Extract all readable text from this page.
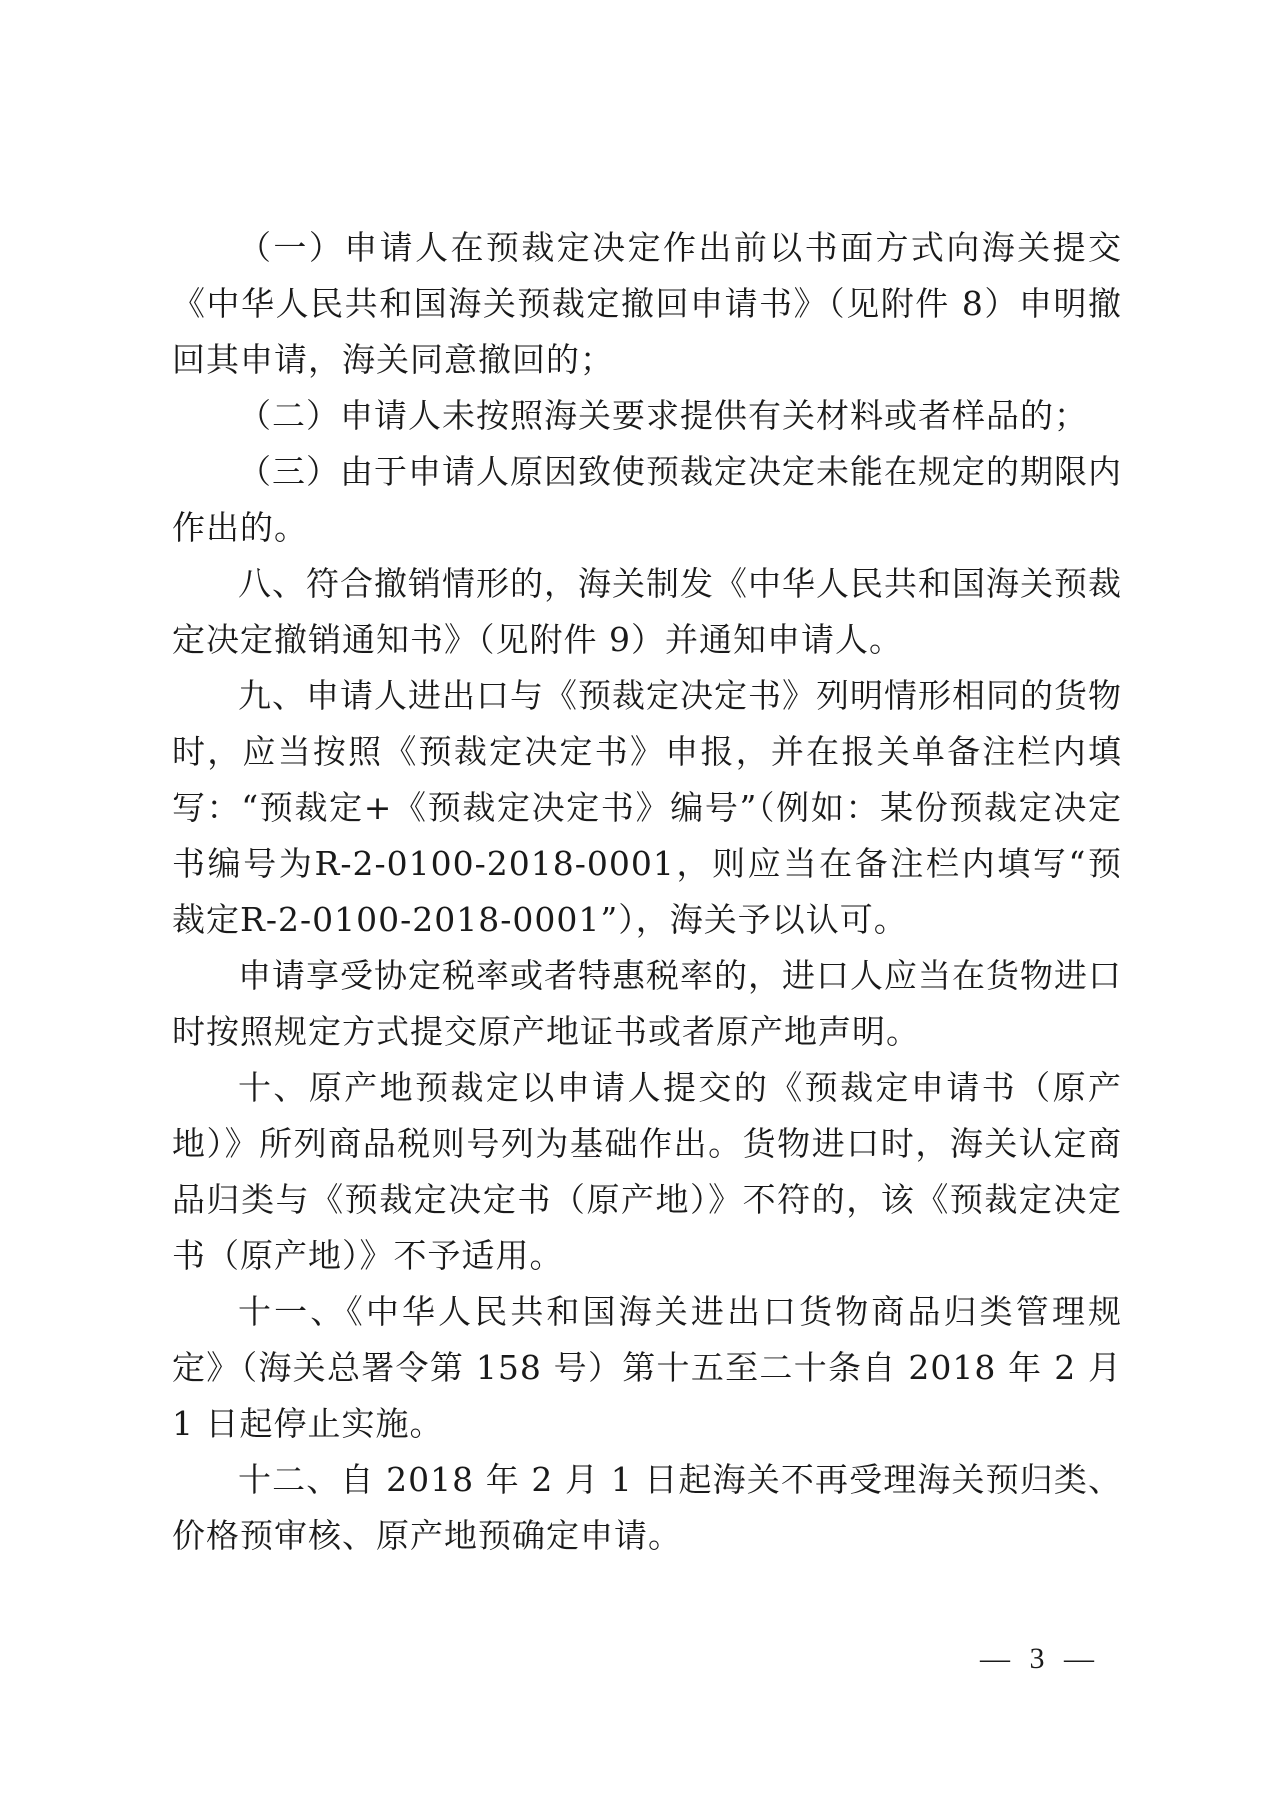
（一）申请人在预裁定决定作出前以书面方式向海关提交《中华人民共和国海关预裁定撤回申请书》（见附件 8）申明撤回其申请，海关同意撤回的；

（二）申请人未按照海关要求提供有关材料或者样品的；

（三）由于申请人原因致使预裁定决定未能在规定的期限内作出的。

八、符合撤销情形的，海关制发《中华人民共和国海关预裁定决定撤销通知书》（见附件 9）并通知申请人。

九、申请人进出口与《预裁定决定书》列明情形相同的货物时，应当按照《预裁定决定书》申报，并在报关单备注栏内填写：“预裁定+《预裁定决定书》编号”（例如：某份预裁定决定书编号为R-2-0100-2018-0001，则应当在备注栏内填写“预裁定R-2-0100-2018-0001”），海关予以认可。

申请享受协定税率或者特惠税率的，进口人应当在货物进口时按照规定方式提交原产地证书或者原产地声明。

十、原产地预裁定以申请人提交的《预裁定申请书（原产地）》所列商品税则号列为基础作出。货物进口时，海关认定商品归类与《预裁定决定书（原产地）》不符的，该《预裁定决定书（原产地）》不予适用。

十一、《中华人民共和国海关进出口货物商品归类管理规定》（海关总署令第 158 号）第十五至二十条自 2018 年 2 月 1 日起停止实施。

十二、自 2018 年 2 月 1 日起海关不再受理海关预归类、价格预审核、原产地预确定申请。

— 3 —
